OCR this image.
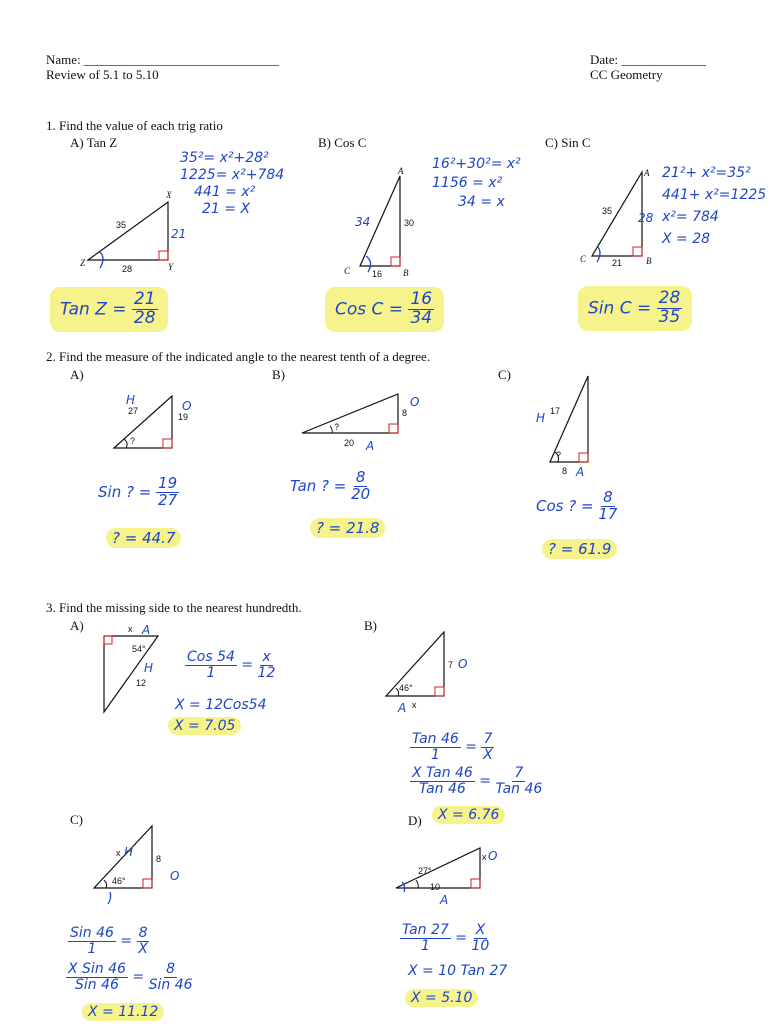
Name: ______________________________
Review of 5.1 to 5.10
Date: _____________
CC Geometry
1. Find the value of each trig ratio
A) Tan Z	B) Cos C	C) Sin C
35
21
28
X
Z	Y
35²= x²+28²
1225= x²+784
441 = x²
21 = X
Tan $Z = \frac{21}{28}$
34	30
16
A
C	B
16²+30²= x²
1156 = x²
34 = x
Cos $C = \frac{16}{34}$
35 28
21
A
C	B
21²+ x²=35²
441+ x²=1225
x²= 784
X = 28
Sin $C = \frac{28}{35}$
2. Find the measure of the indicated angle to the nearest tenth of a degree.
A)	B)	C)
27
H
19
O
?
Sin ? = $\frac{19}{27}$
? = 44.7
?
8
O
20 A
Tan ? = $\frac{8}{20}$
? = 21.8
17
H
?
8 A
Cos ? = $\frac{8}{17}$
? = 61.9
3. Find the missing side to the nearest hundredth.
A)	B)
x A
54°
H
12
$\frac{\text{Cos 54}}{1} = \frac{x}{12}$
X = 12Cos54
X = 7.05
46°
7 O
x
A
$\frac{\text{Tan 46}}{1} = \frac{7}{X}$
$\frac{\text{X Tan 46}}{\text{Tan 46}} = \frac{7}{\text{Tan 46}}$
D)	X = 6.76
C)
46°
x H	8
O
$\frac{\text{Sin 46}}{1} = \frac{8}{X}$
$\frac{\text{X Sin 46}}{\text{Sin 46}} = \frac{8}{\text{Sin 46}}$
X = 11.12
27°
x O
10
A
$\frac{\text{Tan 27}}{1} = \frac{X}{10}$
X = 10 Tan 27
X = 5.10
